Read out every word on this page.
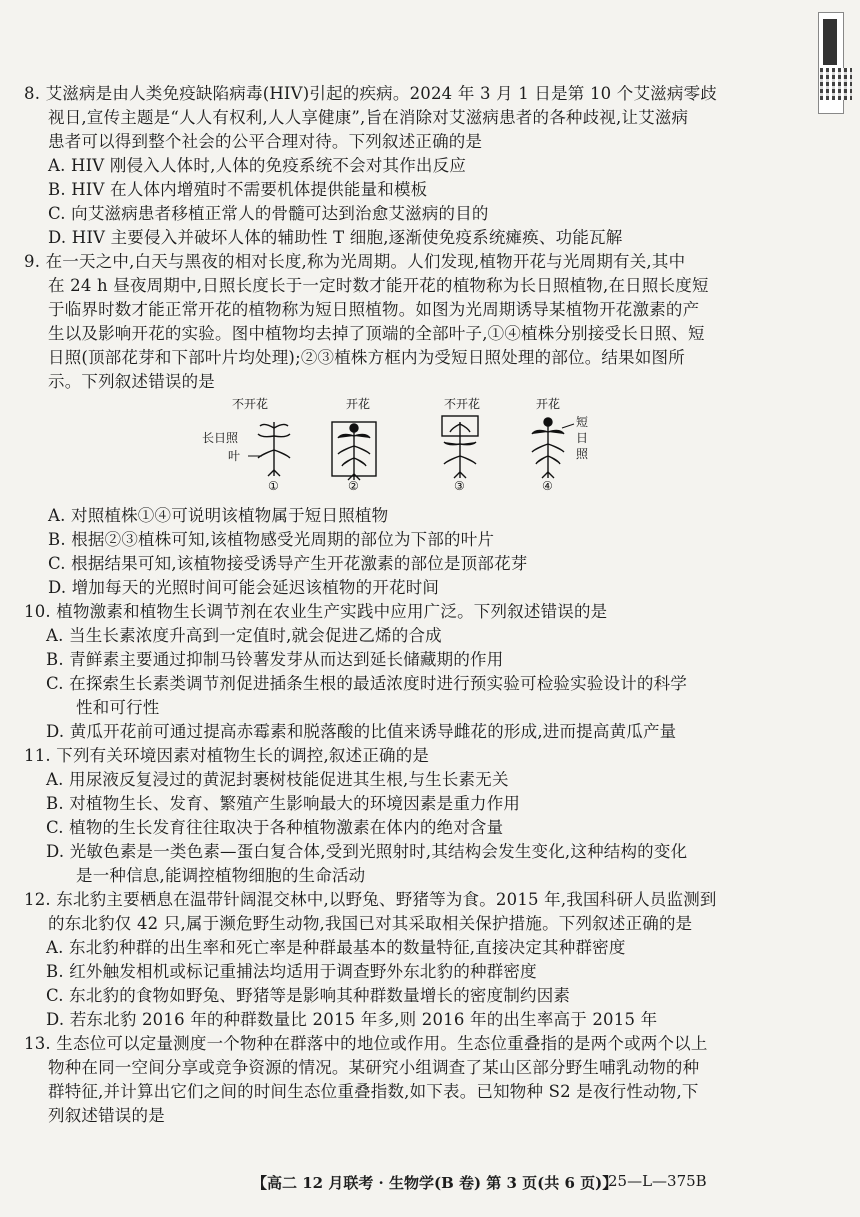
8. 艾滋病是由人类免疫缺陷病毒(HIV)引起的疾病。2024 年 3 月 1 日是第 10 个艾滋病零歧
视日,宣传主题是“人人有权利,人人享健康”,旨在消除对艾滋病患者的各种歧视,让艾滋病
患者可以得到整个社会的公平合理对待。下列叙述正确的是
A. HIV 刚侵入人体时,人体的免疫系统不会对其作出反应
B. HIV 在人体内增殖时不需要机体提供能量和模板
C. 向艾滋病患者移植正常人的骨髓可达到治愈艾滋病的目的
D. HIV 主要侵入并破坏人体的辅助性 T 细胞,逐渐使免疫系统瘫痪、功能瓦解
9. 在一天之中,白天与黑夜的相对长度,称为光周期。人们发现,植物开花与光周期有关,其中
在 24 h 昼夜周期中,日照长度长于一定时数才能开花的植物称为长日照植物,在日照长度短
于临界时数才能正常开花的植物称为短日照植物。如图为光周期诱导某植物开花激素的产
生以及影响开花的实验。图中植物均去掉了顶端的全部叶子,①④植株分别接受长日照、短
日照(顶部花芽和下部叶片均处理);②③植株方框内为受短日照处理的部位。结果如图所
示。下列叙述错误的是
不开花	开花	不开花	开花
长日照
叶
短
日
照
①	②	③	④
A. 对照植株①④可说明该植物属于短日照植物
B. 根据②③植株可知,该植物感受光周期的部位为下部的叶片
C. 根据结果可知,该植物接受诱导产生开花激素的部位是顶部花芽
D. 增加每天的光照时间可能会延迟该植物的开花时间
10. 植物激素和植物生长调节剂在农业生产实践中应用广泛。下列叙述错误的是
A. 当生长素浓度升高到一定值时,就会促进乙烯的合成
B. 青鲜素主要通过抑制马铃薯发芽从而达到延长储藏期的作用
C. 在探索生长素类调节剂促进插条生根的最适浓度时进行预实验可检验实验设计的科学
性和可行性
D. 黄瓜开花前可通过提高赤霉素和脱落酸的比值来诱导雌花的形成,进而提高黄瓜产量
11. 下列有关环境因素对植物生长的调控,叙述正确的是
A. 用尿液反复浸过的黄泥封裹树枝能促进其生根,与生长素无关
B. 对植物生长、发育、繁殖产生影响最大的环境因素是重力作用
C. 植物的生长发育往往取决于各种植物激素在体内的绝对含量
D. 光敏色素是一类色素—蛋白复合体,受到光照射时,其结构会发生变化,这种结构的变化
是一种信息,能调控植物细胞的生命活动
12. 东北豹主要栖息在温带针阔混交林中,以野兔、野猪等为食。2015 年,我国科研人员监测到
的东北豹仅 42 只,属于濒危野生动物,我国已对其采取相关保护措施。下列叙述正确的是
A. 东北豹种群的出生率和死亡率是种群最基本的数量特征,直接决定其种群密度
B. 红外触发相机或标记重捕法均适用于调查野外东北豹的种群密度
C. 东北豹的食物如野兔、野猪等是影响其种群数量增长的密度制约因素
D. 若东北豹 2016 年的种群数量比 2015 年多,则 2016 年的出生率高于 2015 年
13. 生态位可以定量测度一个物种在群落中的地位或作用。生态位重叠指的是两个或两个以上
物种在同一空间分享或竞争资源的情况。某研究小组调查了某山区部分野生哺乳动物的种
群特征,并计算出它们之间的时间生态位重叠指数,如下表。已知物种 S2 是夜行性动物,下
列叙述错误的是
【高二 12 月联考 · 生物学(B 卷) 第 3 页(共 6 页)】
25—L—375B
